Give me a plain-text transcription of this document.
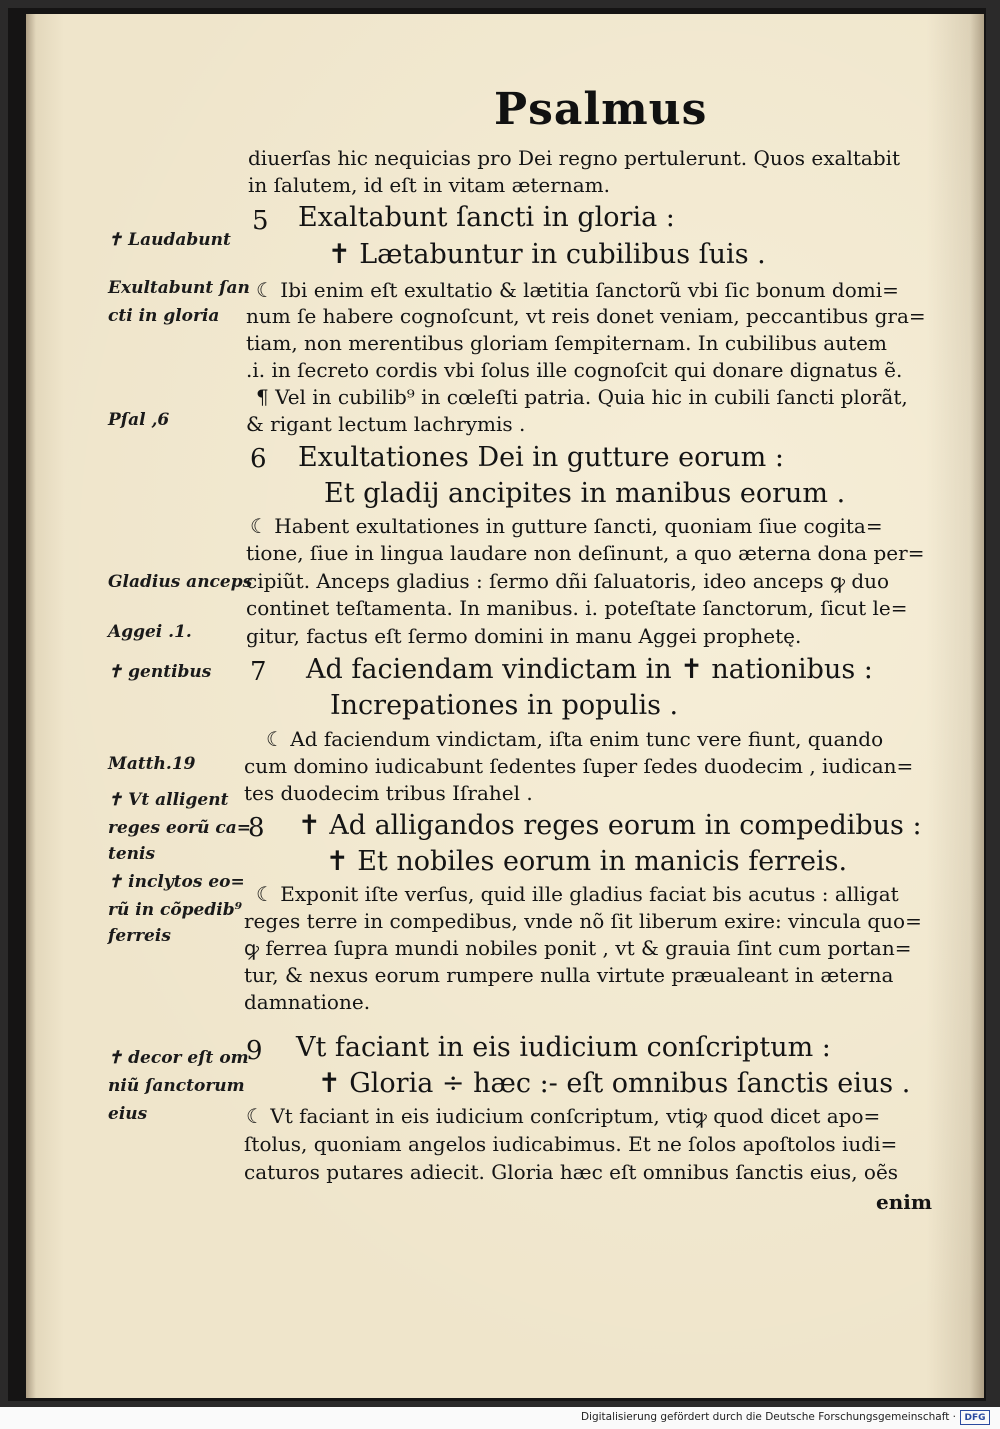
Psalmus
✝ Laudabunt
Exultabunt ſan
cti in gloria
Pſal ,6
Gladius anceps
Aggei .1.
✝ gentibus
Matth.19
✝ Vt alligent
reges eorũ ca=
tenis
✝ inclytos eo=
rũ in cõpedib⁹
ferreis
✝ decor eſt om
niũ ſanctorum
eius
diuerſas hic nequicias pro Dei regno pertulerunt. Quos exaltabit
in ſalutem, id eſt in vitam æternam.
5 Exaltabunt ſancti in gloria :
✝ Lætabuntur in cubilibus ſuis .
☾ Ibi enim eſt exultatio & lætitia ſanctorũ vbi ſic bonum domi=
num ſe habere cognoſcunt, vt reis donet veniam, peccantibus gra=
tiam, non merentibus gloriam ſempiternam. In cubilibus autem
.i. in ſecreto cordis vbi ſolus ille cognoſcit qui donare dignatus ẽ.
¶ Vel in cubilib⁹ in cœleſti patria. Quia hic in cubili ſancti plorãt,
& rigant lectum lachrymis .
6 Exultationes Dei in gutture eorum :
Et gladij ancipites in manibus eorum .
☾ Habent exultationes in gutture ſancti, quoniam ſiue cogita=
tione, ſiue in lingua laudare non deſinunt, a quo æterna dona per=
cipiũt. Anceps gladius : ſermo dñi ſaluatoris, ideo anceps ꝙ duo
continet teſtamenta. In manibus. i. poteſtate ſanctorum, ſicut le=
gitur, factus eſt ſermo domini in manu Aggei prophetę.
7 Ad faciendam vindictam in ✝ nationibus :
Increpationes in populis .
☾ Ad faciendum vindictam, iſta enim tunc vere fiunt, quando
cum domino iudicabunt ſedentes ſuper ſedes duodecim , iudican=
tes duodecim tribus Iſrahel .
8 ✝ Ad alligandos reges eorum in compedibus :
✝ Et nobiles eorum in manicis ferreis.
☾ Exponit iſte verſus, quid ille gladius faciat bis acutus : alligat
reges terre in compedibus, vnde nõ ſit liberum exire: vincula quo=
ꝙ ferrea ſupra mundi nobiles ponit , vt & grauia ſint cum portan=
tur, & nexus eorum rumpere nulla virtute præualeant in æterna
damnatione.
9 Vt faciant in eis iudicium conſcriptum :
✝ Gloria ÷ hæc :- eſt omnibus ſanctis eius .
☾ Vt faciant in eis iudicium conſcriptum, vtiꝙ quod dicet apo=
ſtolus, quoniam angelos iudicabimus. Et ne ſolos apoſtolos iudi=
caturos putares adiecit. Gloria hæc eſt omnibus ſanctis eius, oẽs
enim
Digitalisierung gefördert durch die Deutsche Forschungsgemeinschaft · DFG
